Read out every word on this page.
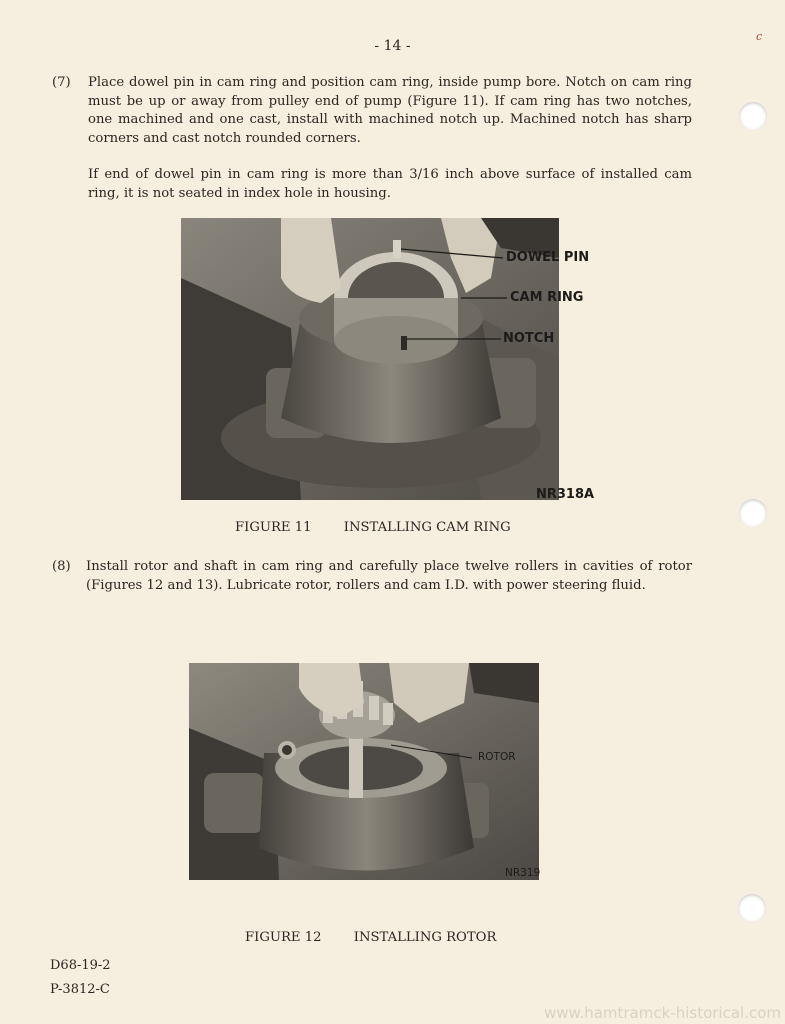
- 14 -
c
(7) Place dowel pin in cam ring and position cam ring, inside pump bore. Notch on cam ring must be up or away from pulley end of pump (Figure 11). If cam ring has two notches, one machined and one cast, install with machined notch up. Machined notch has sharp corners and cast notch rounded corners.
If end of dowel pin in cam ring is more than 3/16 inch above surface of installed cam ring, it is not seated in index hole in housing.
DOWEL PIN
CAM RING
NOTCH
NR318A
FIGURE 11 INSTALLING CAM RING
(8) Install rotor and shaft in cam ring and carefully place twelve rollers in cavities of rotor (Figures 12 and 13). Lubricate rotor, rollers and cam I.D. with power steering fluid.
ROTOR
NR319
FIGURE 12 INSTALLING ROTOR
D68-19-2
P-3812-C
www.hamtramck-historical.com
